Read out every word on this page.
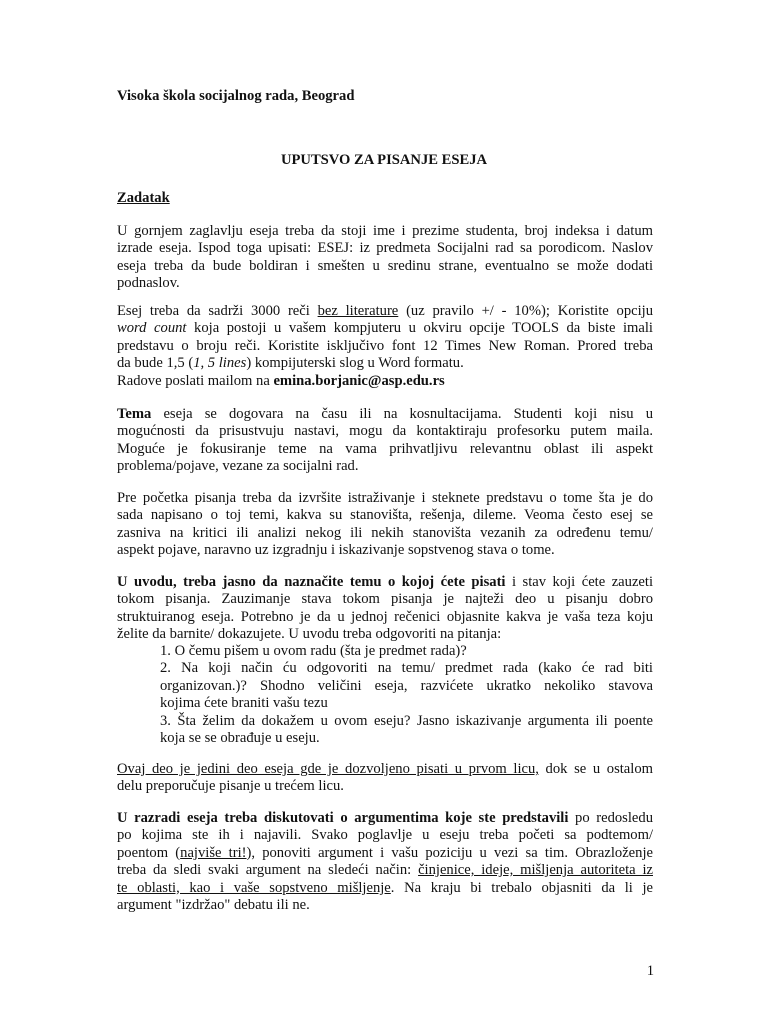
Visoka škola socijalnog rada, Beograd
UPUTSVO ZA PISANJE ESEJA
Zadatak
U gornjem zaglavlju eseja treba da stoji ime i prezime studenta, broj indeksa i datum
izrade eseja. Ispod toga upisati: ESEJ: iz predmeta Socijalni rad sa porodicom. Naslov
eseja treba da bude boldiran i smešten u sredinu strane, eventualno se može dodati
podnaslov.
Esej treba da sadrži 3000 reči bez literature (uz pravilo +/ - 10%); Koristite opciju
word count koja postoji u vašem kompjuteru u okviru opcije TOOLS da biste imali
predstavu o broju reči. Koristite isključivo font 12 Times New Roman. Prored treba
da bude 1,5 (1, 5 lines) kompijuterski slog u Word formatu.
Radove poslati mailom na emina.borjanic@asp.edu.rs
Tema eseja se dogovara na času ili na kosnultacijama. Studenti koji nisu u
mogućnosti da prisustvuju nastavi, mogu da kontaktiraju profesorku putem maila.
Moguće je fokusiranje teme na vama prihvatljivu relevantnu oblast ili aspekt
problema/pojave, vezane za socijalni rad.
Pre početka pisanja treba da izvršite istraživanje i steknete predstavu o tome šta je do
sada napisano o toj temi, kakva su stanovišta, rešenja, dileme. Veoma često esej se
zasniva na kritici ili analizi nekog ili nekih stanovišta vezanih za određenu temu/
aspekt pojave, naravno uz izgradnju i iskazivanje sopstvenog stava o tome.
U uvodu, treba jasno da naznačite temu o kojoj ćete pisati i stav koji ćete zauzeti
tokom pisanja. Zauzimanje stava tokom pisanja je najteži deo u pisanju dobro
struktuiranog eseja. Potrebno je da u jednoj rečenici objasnite kakva je vaša teza koju
želite da barnite/ dokazujete. U uvodu treba odgovoriti na pitanja:
1. O čemu pišem u ovom radu (šta je predmet rada)?
2. Na koji način ću odgovoriti na temu/ predmet rada (kako će rad biti
organizovan.)? Shodno veličini eseja, razvićete ukratko nekoliko stavova
kojima ćete braniti vašu tezu
3. Šta želim da dokažem u ovom eseju? Jasno iskazivanje argumenta ili poente
koja se se obrađuje u eseju.
Ovaj deo je jedini deo eseja gde je dozvoljeno pisati u prvom licu, dok se u ostalom
delu preporučuje pisanje u trećem licu.
U razradi eseja treba diskutovati o argumentima koje ste predstavili po redosledu
po kojima ste ih i najavili. Svako poglavlje u eseju treba početi sa podtemom/
poentom (najviše tri!), ponoviti argument i vašu poziciju u vezi sa tim. Obrazloženje
treba da sledi svaki argument na sledeći način: činjenice, ideje, mišljenja autoriteta iz
te oblasti, kao i vaše sopstveno mišljenje. Na kraju bi trebalo objasniti da li je
argument "izdržao" debatu ili ne.
1
